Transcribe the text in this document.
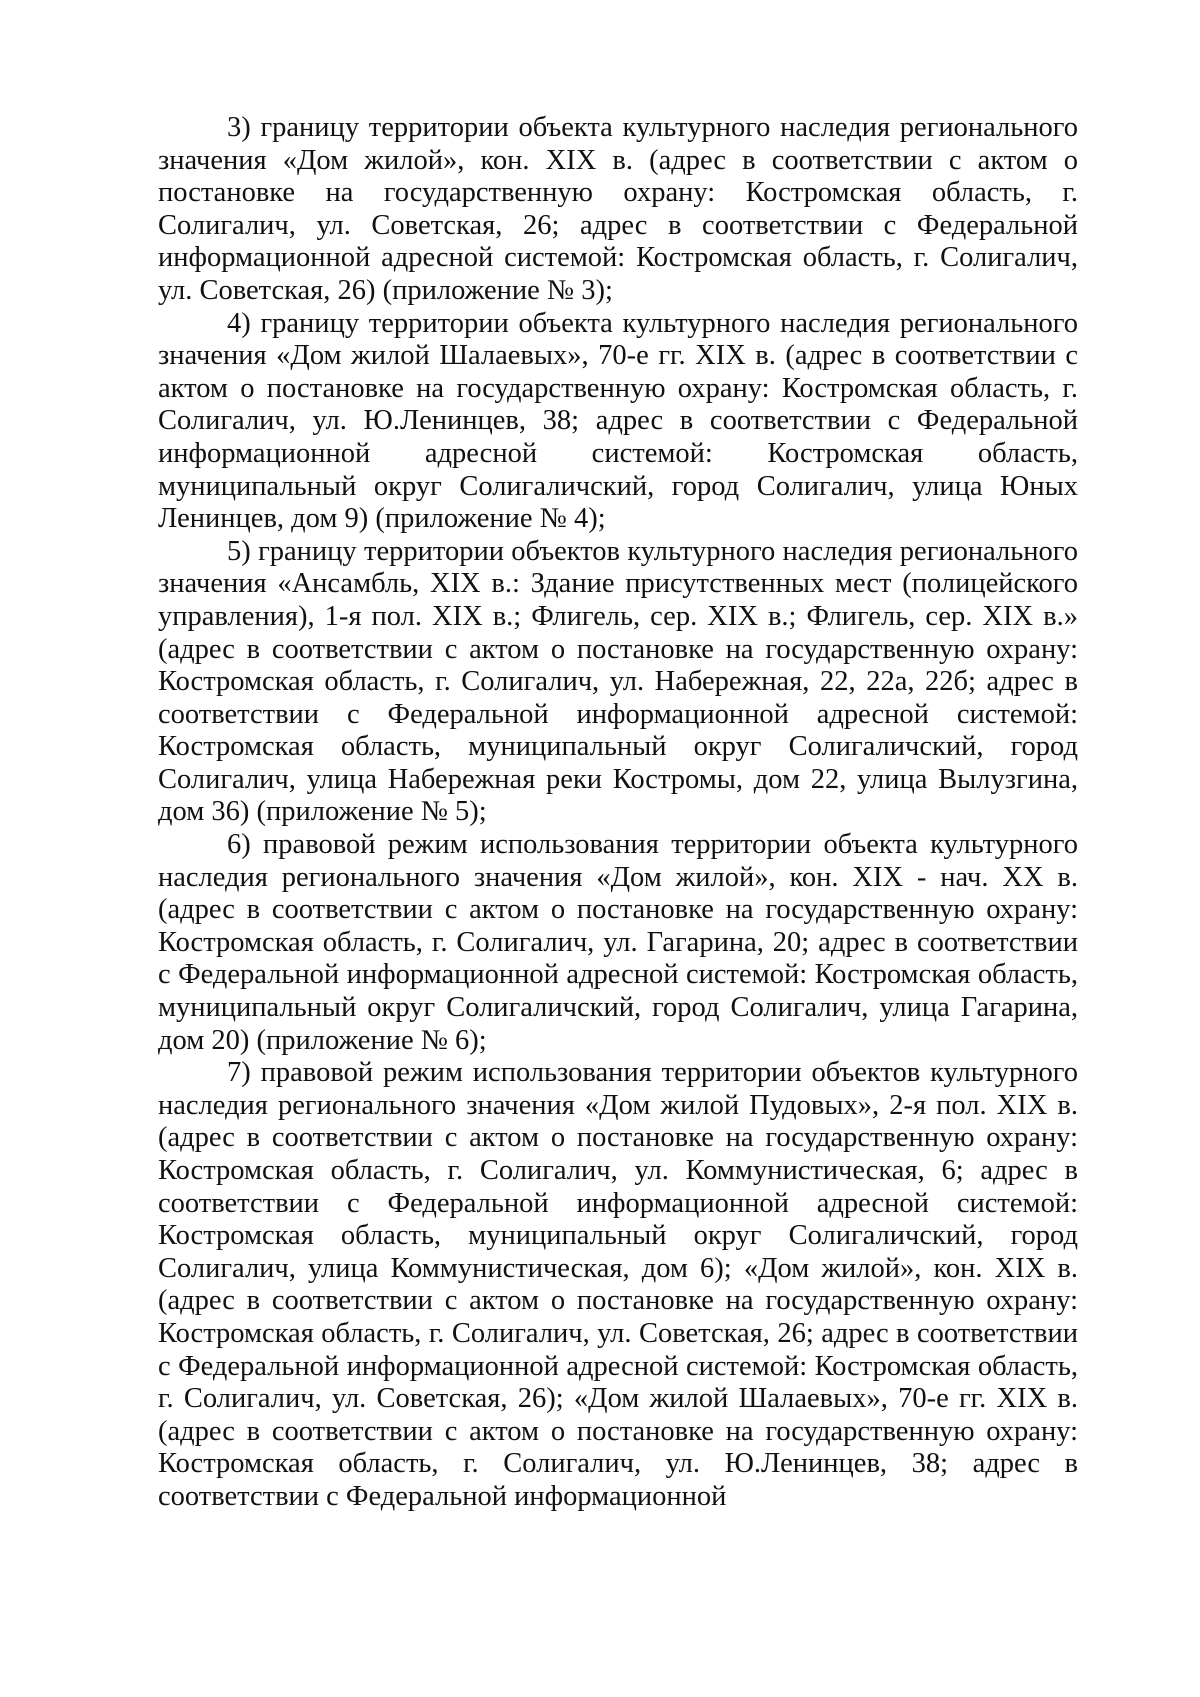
3) границу территории объекта культурного наследия регионального значения «Дом жилой», кон. XIX в. (адрес в соответствии с актом о постановке на государственную охрану: Костромская область, г. Солигалич, ул. Советская, 26; адрес в соответствии с Федеральной информационной адресной системой: Костромская область, г. Солигалич, ул. Советская, 26) (приложение № 3);

4) границу территории объекта культурного наследия регионального значения «Дом жилой Шалаевых», 70-е гг. XIX в. (адрес в соответствии с актом о постановке на государственную охрану: Костромская область, г. Солигалич, ул. Ю.Ленинцев, 38; адрес в соответствии с Федеральной информационной адресной системой: Костромская область, муниципальный округ Солигаличский, город Солигалич, улица Юных Ленинцев, дом 9) (приложение № 4);

5) границу территории объектов культурного наследия регионального значения «Ансамбль, XIX в.: Здание присутственных мест (полицейского управления), 1-я пол. XIX в.; Флигель, сер. XIX в.; Флигель, сер. XIX в.» (адрес в соответствии с актом о постановке на государственную охрану: Костромская область, г. Солигалич, ул. Набережная, 22, 22а, 22б; адрес в соответствии с Федеральной информационной адресной системой: Костромская область, муниципальный округ Солигаличский, город Солигалич, улица Набережная реки Костромы, дом 22, улица Вылузгина, дом 36) (приложение № 5);

6) правовой режим использования территории объекта культурного наследия регионального значения «Дом жилой», кон. XIX - нач. XX в. (адрес в соответствии с актом о постановке на государственную охрану: Костромская область, г. Солигалич, ул. Гагарина, 20; адрес в соответствии с Федеральной информационной адресной системой: Костромская область, муниципальный округ Солигаличский, город Солигалич, улица Гагарина, дом 20) (приложение № 6);

7) правовой режим использования территории объектов культурного наследия регионального значения «Дом жилой Пудовых», 2-я пол. XIX в. (адрес в соответствии с актом о постановке на государственную охрану: Костромская область, г. Солигалич, ул. Коммунистическая, 6; адрес в соответствии с Федеральной информационной адресной системой: Костромская область, муниципальный округ Солигаличский, город Солигалич, улица Коммунистическая, дом 6); «Дом жилой», кон. XIX в. (адрес в соответствии с актом о постановке на государственную охрану: Костромская область, г. Солигалич, ул. Советская, 26; адрес в соответствии с Федеральной информационной адресной системой: Костромская область, г. Солигалич, ул. Советская, 26); «Дом жилой Шалаевых», 70-е гг. XIX в. (адрес в соответствии с актом о постановке на государственную охрану: Костромская область, г. Солигалич, ул. Ю.Ленинцев, 38; адрес в соответствии с Федеральной информационной
